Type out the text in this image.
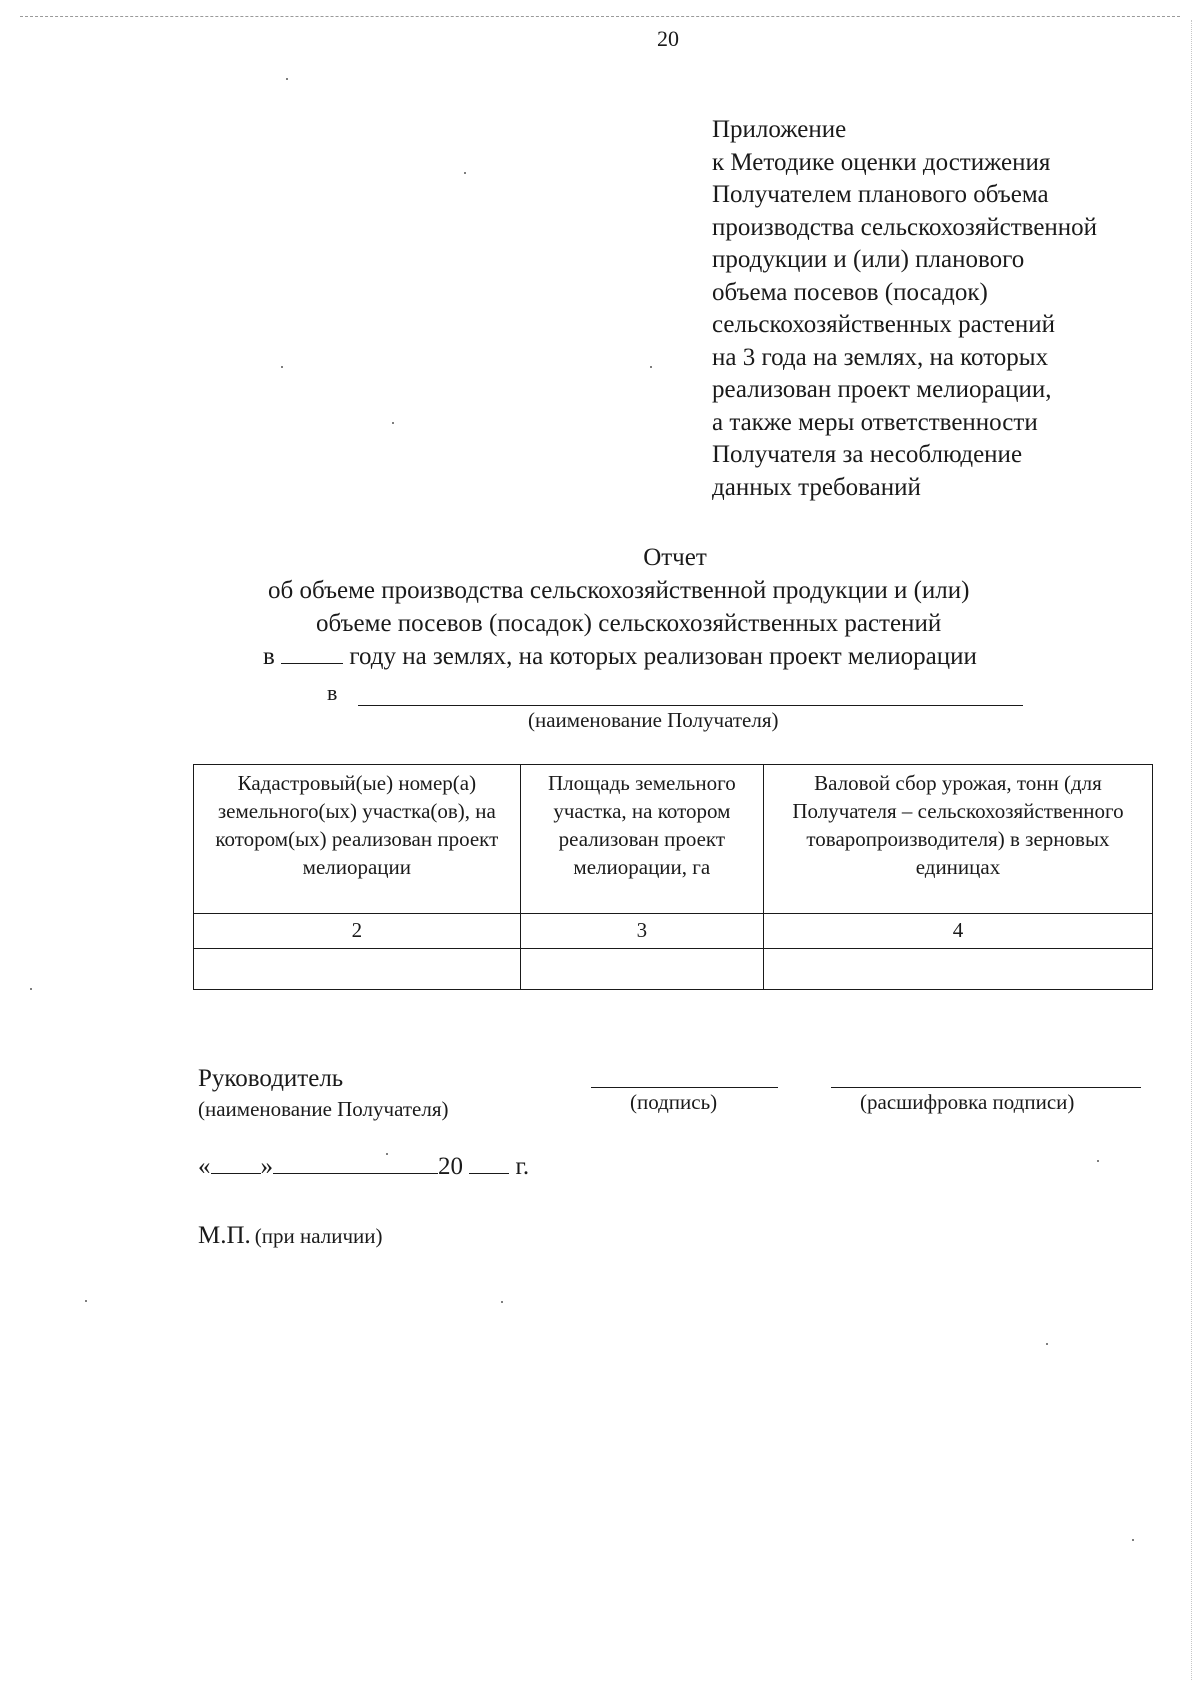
20
Приложение
к Методике оценки достижения
Получателем планового объема
производства сельскохозяйственной
продукции и (или) планового
объема посевов (посадок)
сельскохозяйственных растений
на 3 года на землях, на которых
реализован проект мелиорации,
а также меры ответственности
Получателя за несоблюдение
данных требований
Отчет
об объеме производства сельскохозяйственной продукции и (или)
объеме посевов (посадок) сельскохозяйственных растений
в	году на землях, на которых реализован проект мелиорации
в
(наименование Получателя)
Кадастровый(ые) номер(а) земельного(ых) участка(ов), на котором(ых) реализован проект мелиорации	Площадь земельного участка, на котором реализован проект мелиорации, га	Валовой сбор урожая, тонн (для Получателя – сельскохозяйственного товаропроизводителя) в зерновых единицах
2	3	4

Руководитель
(наименование Получателя)	(подпись)	(расшифровка подписи)
« »	20 г.
М.П. (при наличии)
